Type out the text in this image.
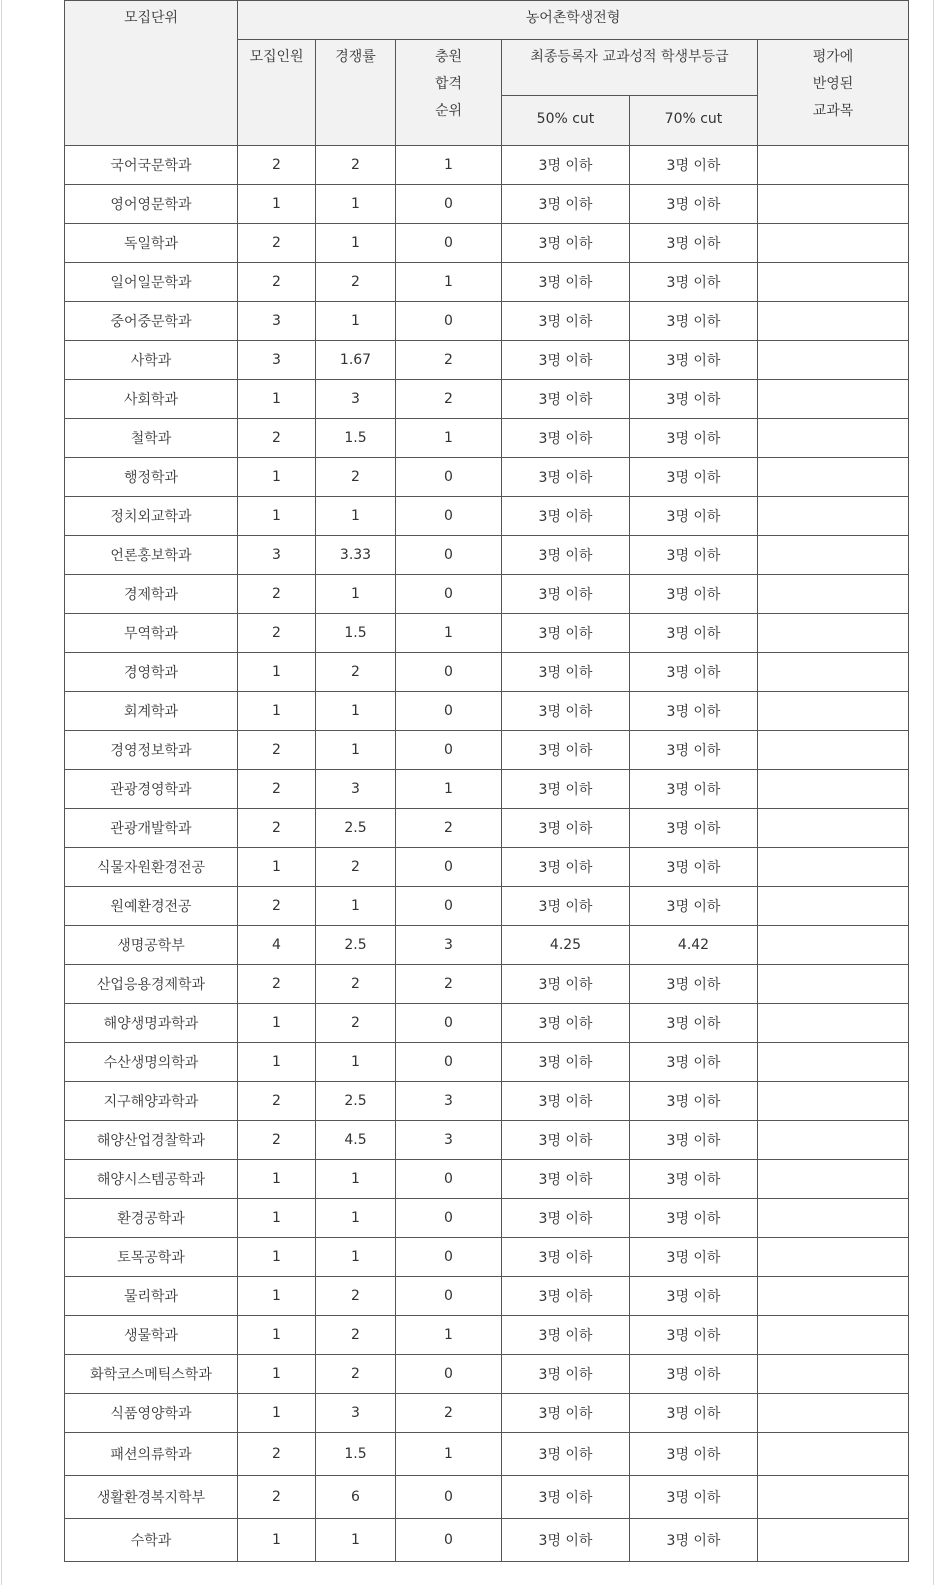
모집단위	농어촌학생전형					

	모집인원	경쟁률	충원
합격
순위	최종등록자 교과성적 학생부등급		평가에
반영된
교과목

				50% cut	70% cut	

국어국문학과	2	2	1	3명 이하	3명 이하	
영어영문학과	1	1	0	3명 이하	3명 이하	
독일학과	2	1	0	3명 이하	3명 이하	
일어일문학과	2	2	1	3명 이하	3명 이하	
중어중문학과	3	1	0	3명 이하	3명 이하	
사학과	3	1.67	2	3명 이하	3명 이하	
사회학과	1	3	2	3명 이하	3명 이하	
철학과	2	1.5	1	3명 이하	3명 이하	
행정학과	1	2	0	3명 이하	3명 이하	
정치외교학과	1	1	0	3명 이하	3명 이하	
언론홍보학과	3	3.33	0	3명 이하	3명 이하	
경제학과	2	1	0	3명 이하	3명 이하	
무역학과	2	1.5	1	3명 이하	3명 이하	
경영학과	1	2	0	3명 이하	3명 이하	
회계학과	1	1	0	3명 이하	3명 이하	
경영정보학과	2	1	0	3명 이하	3명 이하	
관광경영학과	2	3	1	3명 이하	3명 이하	
관광개발학과	2	2.5	2	3명 이하	3명 이하	
식물자원환경전공	1	2	0	3명 이하	3명 이하	
원예환경전공	2	1	0	3명 이하	3명 이하	
생명공학부	4	2.5	3	4.25	4.42	
산업응용경제학과	2	2	2	3명 이하	3명 이하	
해양생명과학과	1	2	0	3명 이하	3명 이하	
수산생명의학과	1	1	0	3명 이하	3명 이하	
지구해양과학과	2	2.5	3	3명 이하	3명 이하	
해양산업경찰학과	2	4.5	3	3명 이하	3명 이하	
해양시스템공학과	1	1	0	3명 이하	3명 이하	
환경공학과	1	1	0	3명 이하	3명 이하	
토목공학과	1	1	0	3명 이하	3명 이하	
물리학과	1	2	0	3명 이하	3명 이하	
생물학과	1	2	1	3명 이하	3명 이하	
화학코스메틱스학과	1	2	0	3명 이하	3명 이하	
식품영양학과	1	3	2	3명 이하	3명 이하	
패션의류학과	2	1.5	1	3명 이하	3명 이하	
생활환경복지학부	2	6	0	3명 이하	3명 이하	
수학과	1	1	0	3명 이하	3명 이하	
